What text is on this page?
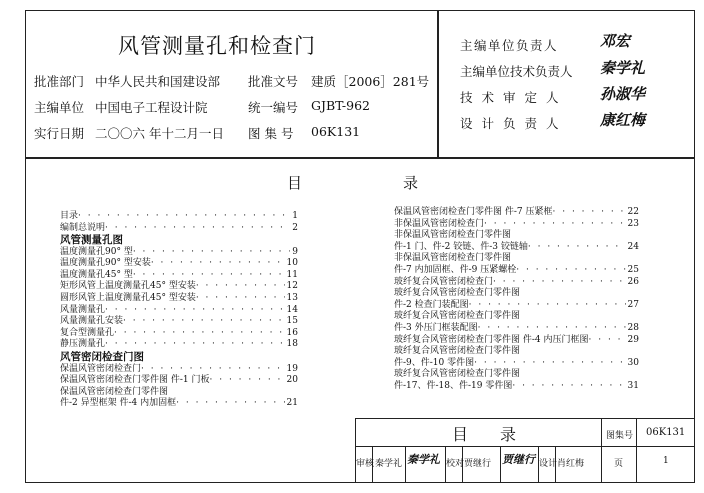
风管测量孔和检查门
批准部门 中华人民共和国建设部 批准文号 建质［2006］281号
主编单位 中国电子工程设计院	统一编号 GJBT-962
实行日期 二〇〇六 年十二月一日 图 集 号 06K131
主编单位负责人	邓宏
主编单位技术负责人 秦学礼
技术审定人 孙淑华
设计负责人 康红梅
目	录
目录 · · ·	1
编制总说明 · · ·	2
风管测量孔图
温度测量孔90° 型 · · ·	9
温度测量孔90° 型安装 · · ·	10
温度测量孔45° 型 · · ·	11
矩形风管上温度测量孔45° 型安装 · · ·	12
圆形风管上温度测量孔45° 型安装 · · ·	13
风量测量孔 · · ·	14
风量测量孔安装 · · ·	15
复合型测量孔 · · ·	16
静压测量孔 · · ·	18
风管密闭检查门图
保温风管密闭检查门 · · ·	19
保温风管密闭检查门零件图 件-1 门板 · · ·	20
保温风管密闭检查门零件图
件-2 异型框架 件-4 内加固框 · · ·	21
保温风管密闭检查门零件图 件-7 压紧框 · · ·	22
非保温风管密闭检查门 · · ·	23
非保温风管密闭检查门零件图
件-1 门、件-2 铰链、件-3 铰链轴 · · ·	24
非保温风管密闭检查门零件图
件-7 内加固框、件-9 压紧螺栓 · · ·	25
玻纤复合风管密闭检查门 · · ·	26
玻纤复合风管密闭检查门零件图
件-2 检查门装配图 · · ·	27
玻纤复合风管密闭检查门零件图
件-3 外压门框装配图 · · ·	28
玻纤复合风管密闭检查门零件图 件-4 内压门框图 · · ·	29
玻纤复合风管密闭检查门零件图
件-9、件-10 零件图 · · ·	30
玻纤复合风管密闭检查门零件图
件-17、件-18、件-19 零件图 · · ·	31
目 录	图集号 06K131
页	1
审核 秦学礼 秦学礼 校对 贾继行 贾继行 设计 肖红梅
